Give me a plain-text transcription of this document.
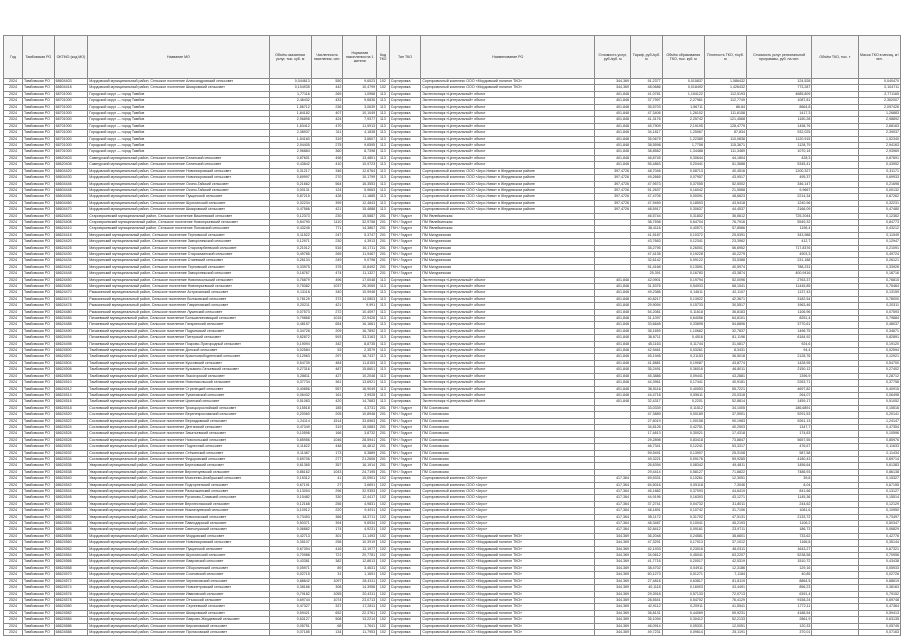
Год	Тамбовская РО	ОКТМО (код МО)	Название МО	Объём оказанных услуг, тыс. куб. м	Численность населения, чел.	Норматив накопления на 1 жителя	Код ТКО	Тип ТКО	Наименование РО	Стоимость услуг, руб./куб. м	Тариф, руб./куб. м	Объём образования ТКО, тыс. куб. м	Плотность ТКО, т/куб. м	Стоимость услуг региональной программы, руб. на чел.	Объём ТКО, тыс. т	Масса ТКО в месяц, кг/чел.
2024	Тамбовская РО	68604403	Мордовский муниципальный район, Сельское поселение Александровский сельсовет	0,044613	550	9,6023	102	Сортировка	Сортировочный комплекс ООО «Мордовский полигон ТКО»	344,369	51,2377	0,015837	1,586432	124,528		0,040470
2024	Тамбовская РО	68604418	Мордовский муниципальный район, Сельское поселение Шмаровский сельсовет	0,104935	442	10,4799	102	Сортировка	Сортировочный комплекс ООО «Мордовский полигон ТКО»	344,369	48,0686	0,018492	1,426432	773,287		0,104711
2024	Тамбовская РО	68701000	Городской округ — город Тамбов	1,77116	269	1,0968	113	Сортировка	Экотехнопарк «Центральный» объект	401,848	41,0781	1,154122	112,5193	4685,809		2,771165
2024	Тамбовская РО	68701000	Городской округ — город Тамбов	2,46432	433	9,6836	113	Сортировка	Экотехнопарк «Центральный» объект	401,848	37,7997	2,27961	112,7749	1087,81		2,352007
2024	Тамбовская РО	68701000	Городской округ — город Тамбов	1,56712	236	3,0639	113	Сортировка	Экотехнопарк «Центральный» объект	401,848	35,5703	1,56711	86,84	8664,8		2,097426
2024	Тамбовская РО	68701000	Городской округ — город Тамбов	1,84182	407	10,1049	113	Сортировка	Экотехнопарк «Центральный» объект	401,848	47,3406	1,26102	111,6158	1417,3		1,26883
2024	Тамбовская РО	68701000	Городской округ — город Тамбов	2,96896	424	7,9377	113	Сортировка	Экотехнопарк «Центральный» объект	401,848	41,3176	2,25742	121,4568	1150,28		2,98892
2024	Тамбовская РО	68701000	Городской округ — город Тамбов	1,63412	470	11,5913	113	Сортировка	Экотехнопарк «Центральный» объект	401,848	45,7909	2,19195	128,4779	1498,76		2,68163
2024	Тамбовская РО	68701000	Городской округ — город Тамбов	2,38937	311	4,1838	113	Сортировка	Экотехнопарк «Центральный» объект	401,848	34,1817	1,25067	87,834	932,025		2,39037
2024	Тамбовская РО	68701000	Городской округ — город Тамбов	1,54160	319	3,6607	113	Сортировка	Экотехнопарк «Центральный» объект	401,848	35,0679	1,22389	110,0838	1120,915		1,52340
2024	Тамбовская РО	68701000	Городской округ — город Тамбов	2,94405	275	9,6595	113	Сортировка	Экотехнопарк «Центральный» объект	401,848	38,5598	1,7758	115,3671	1128,79		2,94163
2024	Тамбовская РО	68701000	Городской округ — город Тамбов	2,96884	360	8,7398	113	Сортировка	Экотехнопарк «Центральный» объект	401,848	38,8562	1,34488	111,3489	1070,14		2,93969
2024	Тамбовская РО	68620403	Сампурский муниципальный район, Сельское поселение Сатинский сельсовет	0,87601	498	13,4801	113	Сортировка	Экотехнопарк «Центральный» объект	401,848	46,8745	0,30644	44,1804	428,3		0,87691
2024	Тамбовская РО	68620408	Сампурский муниципальный район, Сельское поселение Сатинский сельсовет	0,43842	410	10,9723	113	Сортировка	Экотехнопарк «Центральный» объект	401,848	55,4863	0,20441	51,3688	5345,41		0,43952
2024	Тамбовская РО	68604420	Мордовский муниципальный район, Сельское поселение Новопокровский сельсовет	0,31217	346	12,6764	113	Сортировка	Сортировочный комплекс ООО «Агро-Нива» в Жердевском районе	397,4726	48,7046	0,08713	40,4516	1200,327		0,31171
2024	Тамбовская РО	68604430	Мордовский муниципальный район, Сельское поселение Новопокровский сельсовет	0,69997	270	10,1799	113	Сортировка	Сортировочный комплекс ООО «Агро-Нива» в Жердевском районе	397,4726	49,2665	0,07957	43,9517	495,37		0,69933
2024	Тамбовская РО	68604446	Мордовский муниципальный район, Сельское поселение Осино-Гайский сельсовет	0,21662	564	16,3553	113	Сортировка	Сортировочный комплекс ООО «Агро-Нива» в Жердевском районе	397,4726	47,9573	0,37055	52,5002	346,147		0,21698
2024	Тамбовская РО	68604448	Мордовский муниципальный район, Сельское поселение Осино-Гайский сельсовет	0,00131	124	5,9663	113	Сортировка	Сортировочный комплекс ООО «Агро-Нива» в Жердевском районе	397,4726	51,2637	0,16042	21,5568	9,9667		0,00132
2024	Тамбовская РО	68604456	Мордовский муниципальный район, Сельское поселение Пущинский сельсовет	0,87215	428	11,1885	113	Сортировка	Сортировочный комплекс ООО «Агро-Нива» в Жердевском районе	397,4726	47,4705	0,00091	48,6823	2214,34		0,87262
2024	Тамбовская РО	68604460	Мордовский муниципальный район, Сельское поселение Шульгинский сельсовет	0,32234	399	12,4843	113	Сортировка	Сортировочный комплекс ООО «Агро-Нива» в Жердевском районе	397,4726	47,9459	0,18593	43,5418	1240,96		0,32231
2024	Тамбовская РО	68604470	Мордовский муниципальный район, Сельское поселение Шмаровский сельсовет	0,47566	421	15,4888	113	Сортировка	Сортировочный комплекс ООО «Агро-Нива» в Жердевском районе	397,4726	48,5917	0,30637	44,4537	2166,09		0,47480
2024	Тамбовская РО	68624403	Староюрьевский муниципальный район, Сельское поселение Вишневский сельсовет	0,12373	230	15,5887	201	ТКН / Гидрот	ПМ Явлейкинская		46,5744	0,31802	36,5612	725,2044		0,12362
2024	Тамбовская РО	68624408	Староюрьевский муниципальный район, Сельское поселение Новоюрьевский сельсовет	0,84790	1110	32,9758	201	ТКН / Гидрот	ПМ Явлейкинская		38,7698	0,64704	76,7916	5549,32		0,84773
2024	Тамбовская РО	68624410	Староюрьевский муниципальный район, Сельское поселение Поповский сельсовет	0,43245	771	14,3867	201	ТКН / Гидрот	ПМ Явлейкинская		38,4116	0,40571	57,8566	1196,4		0,43212
2024	Тамбовская РО	68624418	Мичуринский муниципальный район, Сельское поселение Терновской сельсовет	0,11522	247	5,3747	201	ТКН / Гидрот	ПМ Мичуринская		41,5187	0,10372	25,5391	343,988		0,11549
2024	Тамбовская РО	68624420	Мичуринский муниципальный район, Сельское поселение Заворонежский сельсовет	0,12971	230	4,3913	201	ТКН / Гидрот	ПМ Мичуринская		43,7663	0,12341	23,3962	412,7		0,12947
2024	Тамбовская РО	68624425	Мичуринский муниципальный район, Сельское поселение Старотарбеевский сельсовет	0,21012	516	16,1711	201	ТКН / Гидрот	ПМ Мичуринская		35,2795	0,26001	56,6952	717,8376		0,21091
2024	Тамбовская РО	68624430	Мичуринский муниципальный район, Сельское поселение Староказинский сельсовет	0,49785	269	11,9467	201	ТКН / Гидрот	ПМ Мичуринская		47,4135	0,19228	40,2279	4903,3		0,49724
2024	Тамбовская РО	68624434	Мичуринский муниципальный район, Сельское поселение Стаевский сельсовет	0,26134	249	9,0798	201	ТКН / Гидрот	ПМ Мичуринская		32,6142	0,09122	33,5388	231,188		0,26121
2024	Тамбовская РО	68624442	Мичуринский муниципальный район, Сельское поселение Терновский сельсовет	0,33975	375	10,8492	201	ТКН / Гидрот	ПМ Мичуринская		51,4168	0,13591	40,5974	788,231		0,33926
2024	Тамбовская РО	68624448	Мичуринский муниципальный район, Сельское поселение Заворонежский сельсовет	0,18767	474	11,1327	201	ТКН / Гидрот	ПМ Мичуринская		25,391	0,16783	43,3874	400,9416		0,18716
2024	Тамбовская РО	68624450	Мичуринский муниципальный район, Сельское поселение Новоникольский сельсовет	0,76879	496	17,0048	113	Сортировка	Экотехнопарк «Центральный» объект	401,848	42,0901	0,19794	52,0096	2763,37		0,76815
2024	Тамбовская РО	68624460	Мичуринский муниципальный район, Сельское поселение Новоюрьевский сельсовет	0,75382	1037	26,3069	113	Сортировка	Экотехнопарк «Центральный» объект	401,848	31,5376	0,54933	68,1541	11445,85		0,75464
2024	Тамбовская РО	68624470	Ржаксинский муниципальный район, Сельское поселение Астраханский сельсовет	0,13118	340	10,9948	113	Сортировка	Экотехнопарк «Центральный» объект	401,848	49,2386	0,14611	42,1107	1137,43		0,13159
2024	Тамбовская РО	68624474	Ржаксинский муниципальный район, Сельское поселение Волчковский сельсовет	0,78125	373	14,0803	113	Сортировка	Экотехнопарк «Центральный» объект	401,848	40,8217	0,13922	42,3671	3182,54		0,78000
2024	Тамбовская РО	68624478	Ржаксинский муниципальный район, Сельское поселение Гавриловский сельсовет	0,20211	421	9,991	113	Сортировка	Экотехнопарк «Центральный» объект	401,848	29,9094	0,15733	30,5517	1963,46		0,20311
2024	Тамбовская РО	68624480	Ржаксинский муниципальный район, Сельское поселение Лукинский сельсовет	0,07573	272	10,4097	113	Сортировка	Экотехнопарк «Центральный» объект	401,848	54,2081	0,11618	36,8163	1106,96		0,07593
2024	Тамбовская РО	68624484	Пичаевский муниципальный район, Сельское поселение Большелиповицкий сельсовет	0,79868	1015	22,9426	113	Сортировка	Экотехнопарк «Центральный» объект	401,848	31,1097	0,64056	64,8101	8251,4		0,79884
2024	Тамбовская РО	68624488	Пичаевский муниципальный район, Сельское поселение Гагаринский сельсовет	0,48157	654	16,1661	113	Сортировка	Экотехнопарк «Центральный» объект	401,848	33,6648	0,33895	54,6806	3770,61		0,48037
2024	Тамбовская РО	68624490	Пичаевский муниципальный район, Сельское поселение Подъемский сельсовет	0,34728	209	16,7892	113	Сортировка	Экотехнопарк «Центральный» объект	401,848	36,1659	1,10662	32,7837	1496,75		0,34671
2024	Тамбовская РО	68624494	Пичаевский муниципальный район, Сельское поселение Питерский сельсовет	0,82872	593	33,3163	113	Сортировка	Экотехнопарк «Центральный» объект	401,848	36,6711	0,4516	81,1196	6184,92		0,82891
2024	Тамбовская РО	68624498	Пичаевский муниципальный район, Сельское поселение Покрово-Пригородный сельсовет	0,19094	342	8,8735	113	Сортировка	Экотехнопарк «Центральный» объект	401,848	45,1163	0,11744	31,0817	924,6		0,19120
2024	Тамбовская РО	68624500	Тамбовский муниципальный район, Сельское поселение Донской сельсовет	0,02584	53	2,3579	113	Сортировка	Экотехнопарк «Центральный» объект	401,848	42,9461	0,03261	8,3431	94,4		0,02594
2024	Тамбовская РО	68624502	Тамбовский муниципальный район, Сельское поселение Красносвободненский сельсовет	0,12963	297	18,7437	113	Сортировка	Экотехнопарк «Центральный» объект	401,848	45,1946	0,21153	36,5018	2128,76		0,12921
2024	Тамбовская РО	68624504	Тамбовский муниципальный район, Сельское поселение Куксовский сельсовет	0,54739	484	11,8153	113	Сортировка	Экотехнопарк «Центральный» объект	401,848	41,5881	0,19087	43,8774	1428,95		0,54700
2024	Тамбовская РО	68624506	Тамбовский муниципальный район, Сельское поселение Кузьмино-Гатьевский сельсовет	0,27316	487	15,6601	113	Сортировка	Экотехнопарк «Центральный» объект	401,848	35,2491	0,36016	46,8011	2150,12		0,27402
2024	Тамбовская РО	68624508	Тамбовский муниципальный район, Сельское поселение Лысогорский сельсовет	0,28811	427	10,2048	113	Сортировка	Экотехнопарк «Центральный» объект	401,848	45,3886	0,09441	43,2881	1396,9		0,28712
2024	Тамбовская РО	68624510	Тамбовский муниципальный район, Сельское поселение Новоникольский сельсовет	0,37734	361	13,6921	113	Сортировка	Экотехнопарк «Центральный» объект	401,848	44,3961	0,17441	40,9181	2263,71		0,37758
2024	Тамбовская РО	68624512	Тамбовский муниципальный район, Сельское поселение Стрелецкий сельсовет	0,40856	557	16,9049	113	Сортировка	Экотехнопарк «Центральный» объект	401,848	36,5116	0,40053	55,7221	4697,82		0,40915
2024	Тамбовская РО	68624514	Тамбовский муниципальный район, Сельское поселение Тулиновский сельсовет	0,06432	161	3,9928	113	Сортировка	Экотехнопарк «Центральный» объект	401,848	44,4718	0,05611	20,0318	264,07		0,06498
2024	Тамбовская РО	68624516	Тамбовский муниципальный район, Сельское поселение Цнинский сельсовет	0,51083	420	14,7683	113	Сортировка	Экотехнопарк «Центральный» объект	401,848	32,4317	0,2201	52,8814	1459,17		0,51052
2024	Тамбовская РО	68624518	Сосновский муниципальный район, Сельское поселение Троицкоросляйский сельсовет	0,15518	185	4,3731	201	ТКН / Гидрот	ПМ Сосновская		33,0339	0,11512	34,1005	186,6891		0,15516
2024	Тамбовская РО	68624520	Сосновский муниципальный район, Сельское поселение Верхнеярославский сельсовет	0,20060	205	10,8948	201	ТКН / Гидрот	ПМ Сосновская		47,3889	0,00189	37,5901	9291,53		0,20141
2024	Тамбовская РО	68624522	Сосновский муниципальный район, Сельское поселение Вернадовский сельсовет	1,24114	1514	33,6963	201	ТКН / Гидрот	ПМ Сосновская		27,6019	1,00158	90,1983	9261,13		1,24147
2024	Тамбовская РО	68624524	Сосновский муниципальный район, Сельское поселение Дегтянский сельсовет	0,47349	319	15,0883	201	ТКН / Гидрот	ПМ Сосновская		34,8126	0,42751	40,2503	1347,7		0,47354
2024	Тамбовская РО	68624526	Сосновский муниципальный район, Сельское поселение Зачатьевский сельсовет	0,10598	166	3,8732	201	ТКН / Гидрот	ПМ Сосновская		17,4613	0,30021	17,4318	174,63		0,10596
2024	Тамбовская РО	68624528	Сосновский муниципальный район, Сельское поселение Новогольский сельсовет	0,85956	1046	28,5941	201	ТКН / Гидрот	ПМ Сосновская		29,2898	0,83418	73,8847	5657,55		0,85976
2024	Тамбовская РО	68624530	Сосновский муниципальный район, Сельское поселение Подлесный сельсовет	0,11622	448	16,4812	201	ТКН / Гидрот	ПМ Сосновская		46,7341	0,12241	53,3317	476,67		0,11633
2024	Тамбовская РО	68624532	Сосновский муниципальный район, Сельское поселение Стёжинский сельсовет	0,11467	173	5,3889	201	ТКН / Гидрот	ПМ Сосновская		59,5491	0,13907	25,3108	587,58		0,11434
2024	Тамбовская РО	68624534	Сосновский муниципальный район, Сельское поселение Федоровский сельсовет	0,69706	277	21,2606	201	ТКН / Гидрот	ПМ Сосновская		49,3221	0,09176	59,9285	4180,43		0,69714
2024	Тамбовская РО	68624536	Уваровский муниципальный район, Сельское поселение Березовский сельсовет	0,61365	357	16,1914	201	ТКН / Гидрот	ПМ Сосновская		26,6394	0,08342	49,4811	1456,64		0,61383
2024	Тамбовская РО	68624538	Уваровский муниципальный район, Сельское поселение Верхнечуевский сельсовет	0,86162	1043	24,7195	201	ТКН / Гидрот	ПМ Сосновская		29,4414	0,58127	71,8822	7486,93		0,86138
2024	Тамбовская РО	68624540	Уваровский муниципальный район, Сельское поселение Моисеево-Алабушский сельсовет	0,15312	41	10,0901	102	Сортировка	Сортировочный комплекс ООО «Агро»	417,364	69,5331	0,10261	12,3051	39,8		0,15327
2024	Тамбовская РО	68624542	Уваровский муниципальный район, Сельское поселение Подгорненский сельсовет	0,67191	27	3,6691	102	Сортировка	Сортировочный комплекс ООО «Агро»	417,364	64,5016	0,05118	7,3046	8,04		0,67155
2024	Тамбовская РО	68624544	Уваровский муниципальный район, Сельское поселение Разъезжинский сельсовет	0,13094	296	32,9353	102	Сортировка	Сортировочный комплекс ООО «Агро»	417,364	46,1882	0,37093	44,6419	841,66		0,13127
2024	Тамбовская РО	68624546	Уваровский муниципальный район, Сельское поселение Русаново-Сламский сельсовет	0,15482	330	12,4417	102	Сортировка	Сортировочный комплекс ООО «Агро»	417,364	44,9196	0,16393	43,1271	1145,36		0,15514
2024	Тамбовская РО	68624548	Уваровский муниципальный район, Сельское поселение Верхнеспасский сельсовет	0,12168	256	4,9831	102	Сортировка	Сортировочный комплекс ООО «Агро»	417,364	37,2741	0,04732	31,8011	244,62		0,12129
2024	Тамбовская РО	68624550	Уваровский муниципальный район, Сельское поселение Нижнечуевский сельсовет	0,10912	220	9,4911	102	Сортировка	Сортировочный комплекс ООО «Агро»	417,364	48,1891	0,10742	31,7106	1081,6		0,10950
2024	Тамбовская РО	68624552	Уваровский муниципальный район, Сельское поселение Новоспасский сельсовет	0,73453	366	18,3711	102	Сортировка	Сортировочный комплекс ООО «Агро»	417,364	55,1172	0,31702	47,5131	2133,72		0,73497
2024	Тамбовская РО	68624554	Уваровский муниципальный район, Сельское поселение Павлодарский сельсовет	0,50371	394	9,6934	102	Сортировка	Сортировочный комплекс ООО «Агро»	417,364	48,3487	0,10041	45,2193	1106,2		0,50347
2024	Тамбовская РО	68624556	Уваровский муниципальный район, Сельское поселение Свинолужский сельсовет	0,06882	174	4,9231	102	Сортировка	Сортировочный комплекс ООО «Агро»	417,364	52,8412	0,09161	23,9711	186,73		0,06829
2024	Тамбовская РО	68624558	Мордовский муниципальный район, Сельское поселение Мордовский сельсовет	0,42713	301	11,1493	102	Сортировка	Сортировочный комплекс ООО «Мордовский полигон ТКО»	344,369	36,2048	0,24581	38,6601	733,62		0,42776
2024	Тамбовская РО	68624560	Мордовский муниципальный район, Сельское поселение Новопокровский сельсовет	0,35107	258	10,3919	102	Сортировка	Сортировочный комплекс ООО «Мордовский полигон ТКО»	344,369	47,3291	0,17013	37,1012	1166,8		0,35144
2024	Тамбовская РО	68624562	Мордовский муниципальный район, Сельское поселение Пущинский сельсовет	0,67394	416	13,1977	102	Сортировка	Сортировочный комплекс ООО «Мордовский полигон ТКО»	344,369	42,1933	0,23016	46,0311	1643,27		0,67321
2024	Тамбовская РО	68624564	Мордовский муниципальный район, Сельское поселение Шульгинский сельсовет	0,70988	721	20,7781	102	Сортировка	Сортировочный комплекс ООО «Мордовский полигон ТКО»	344,369	34,0612	0,45041	63,2207	5238,58		0,70956
2024	Тамбовская РО	68624566	Мордовский муниципальный район, Сельское поселение Лавровский сельсовет	0,43381	382	12,8613	102	Сортировка	Сортировочный комплекс ООО «Мордовский полигон ТКО»	344,369	41,7716	0,20017	42,5319	1510,72		0,43438
2024	Тамбовская РО	68624568	Мордовский муниципальный район, Сельское поселение Оборонинский сельсовет	0,05971	89	3,4631	102	Сортировка	Сортировочный комплекс ООО «Мордовский полигон ТКО»	344,369	38,4702	0,04911	12,3186	129,16		0,05933
2024	Тамбовская РО	68624570	Мордовский муниципальный район, Сельское поселение Сосновский сельсовет	0,02715	31	1,1691	102	Сортировка	Сортировочный комплекс ООО «Мордовский полигон ТКО»	344,369	60,1273	0,01271	7,1184	40,85		0,02726
2024	Тамбовская РО	68624572	Мордовский муниципальный район, Сельское поселение Черняновский сельсовет	0,88642	1097	28,4311	102	Сортировка	Сортировочный комплекс ООО «Мордовский полигон ТКО»	344,369	27,4818	0,63817	81,8119	8864,5		0,88619
2024	Тамбовская РО	68624574	Мордовский муниципальный район, Сельское поселение Новопетровский сельсовет	0,38166	308	14,3958	102	Сортировка	Сортировочный комплекс ООО «Мордовский полигон ТКО»	344,369	40,1118	0,16903	43,4491	856,23		0,38163
2024	Тамбовская РО	68624576	Мордовский муниципальный район, Сельское поселение Ивановский сельсовет	0,79182	1055	20,4311	102	Сортировка	Сортировочный комплекс ООО «Мордовский полигон ТКО»	344,369	29,3918	0,57133	72,0713	6391,4		0,79152
2024	Тамбовская РО	68624578	Мордовский муниципальный район, Сельское поселение Отъясский сельсовет	0,69744	1074	23,0713	102	Сортировка	Сортировочный комплекс ООО «Мордовский полигон ТКО»	344,369	28,5541	0,54702	76,4129	9158,24		0,69748
2024	Тамбовская РО	68624580	Мордовский муниципальный район, Сельское поселение Сергеевский сельсовет	0,47327	337	17,2811	102	Сортировка	Сортировочный комплекс ООО «Мордовский полигон ТКО»	344,369	42,9112	0,20911	41,5541	1772,11		0,47364
2024	Тамбовская РО	68624582	Мордовский муниципальный район, Сельское поселение Шмаровский сельсовет	0,59421	652	22,3761	102	Сортировка	Сортировочный комплекс ООО «Мордовский полигон ТКО»	344,369	36,8131	0,44069	59,9231	4188,54		0,59413
2024	Тамбовская РО	68624584	Мордовский муниципальный район, Сельское поселение Лаврово-Жердевский сельсовет	0,63127	508	13,2214	102	Сортировка	Сортировочный комплекс ООО «Мордовский полигон ТКО»	344,369	35,1094	0,30412	52,2133	2861,9		0,63135
2024	Тамбовская РО	68624586	Мордовский муниципальный район, Сельское поселение Кирсановский сельсовет	0,05751	68	1,7641	102	Сортировка	Сортировочный комплекс ООО «Мордовский полигон ТКО»	344,369	46,0914	0,05331	12,0051	120,33		0,05745
2024	Тамбовская РО	68624588	Мордовский муниципальный район, Сельское поселение Протасовский сельсовет	0,07185	134	11,7953	102	Сортировка	Сортировочный комплекс ООО «Мордовский полигон ТКО»	344,369	49,7231	0,09614	25,1191	370,01		0,07163
